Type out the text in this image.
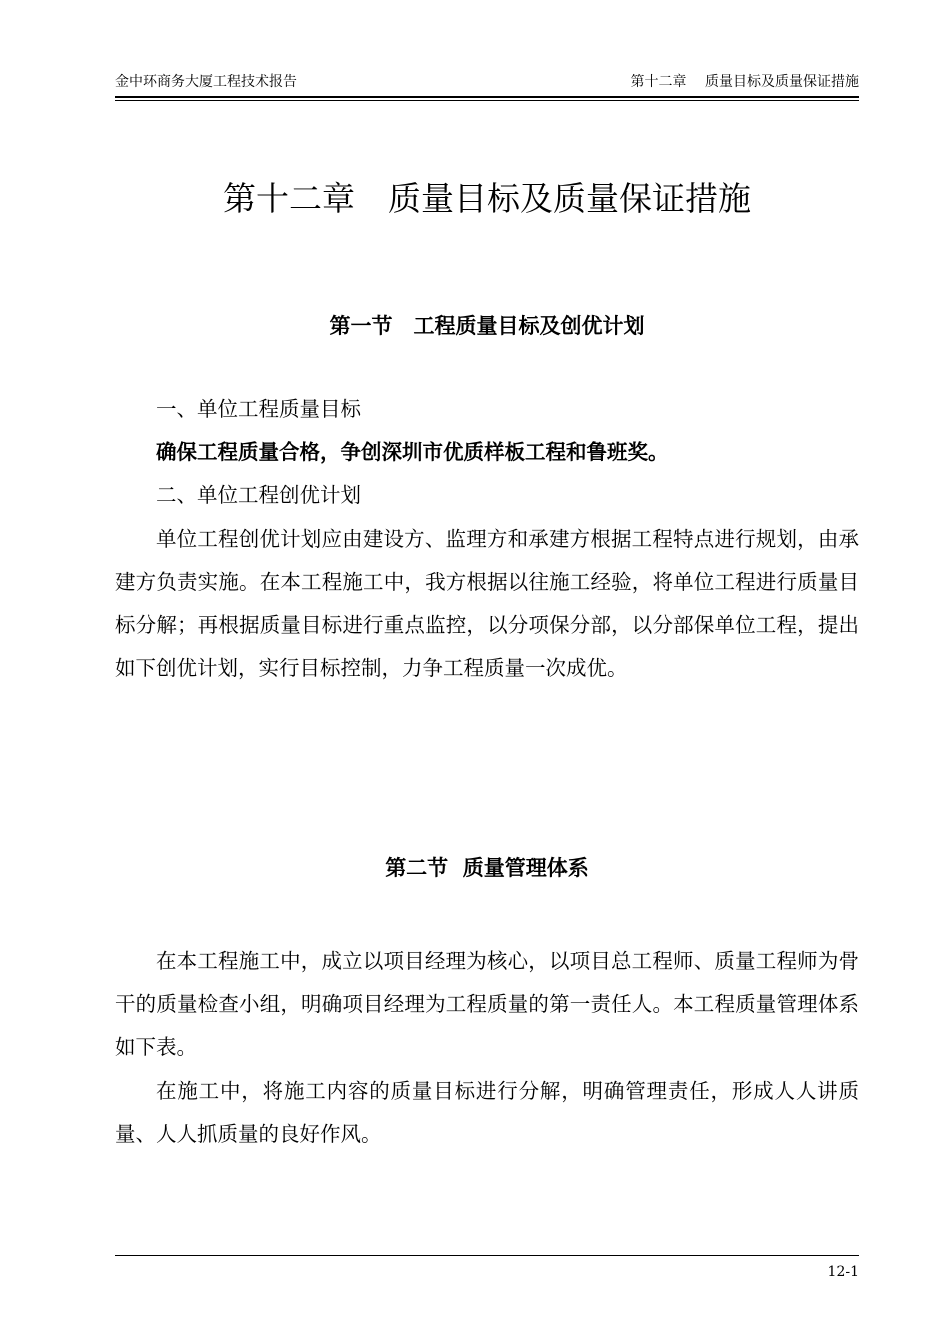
金中环商务大厦工程技术报告	第十二章　 质量目标及质量保证措施
第十二章　质量目标及质量保证措施
第一节　工程质量目标及创优计划
一、单位工程质量目标
确保工程质量合格，争创深圳市优质样板工程和鲁班奖。
二、单位工程创优计划
单位工程创优计划应由建设方、监理方和承建方根据工程特点进行规划，由承建方负责实施。在本工程施工中，我方根据以往施工经验，将单位工程进行质量目标分解；再根据质量目标进行重点监控，以分项保分部，以分部保单位工程，提出如下创优计划，实行目标控制，力争工程质量一次成优。
第二节  质量管理体系
在本工程施工中，成立以项目经理为核心，以项目总工程师、质量工程师为骨干的质量检查小组，明确项目经理为工程质量的第一责任人。本工程质量管理体系如下表。
在施工中，将施工内容的质量目标进行分解，明确管理责任，形成人人讲质量、人人抓质量的良好作风。
12-1
